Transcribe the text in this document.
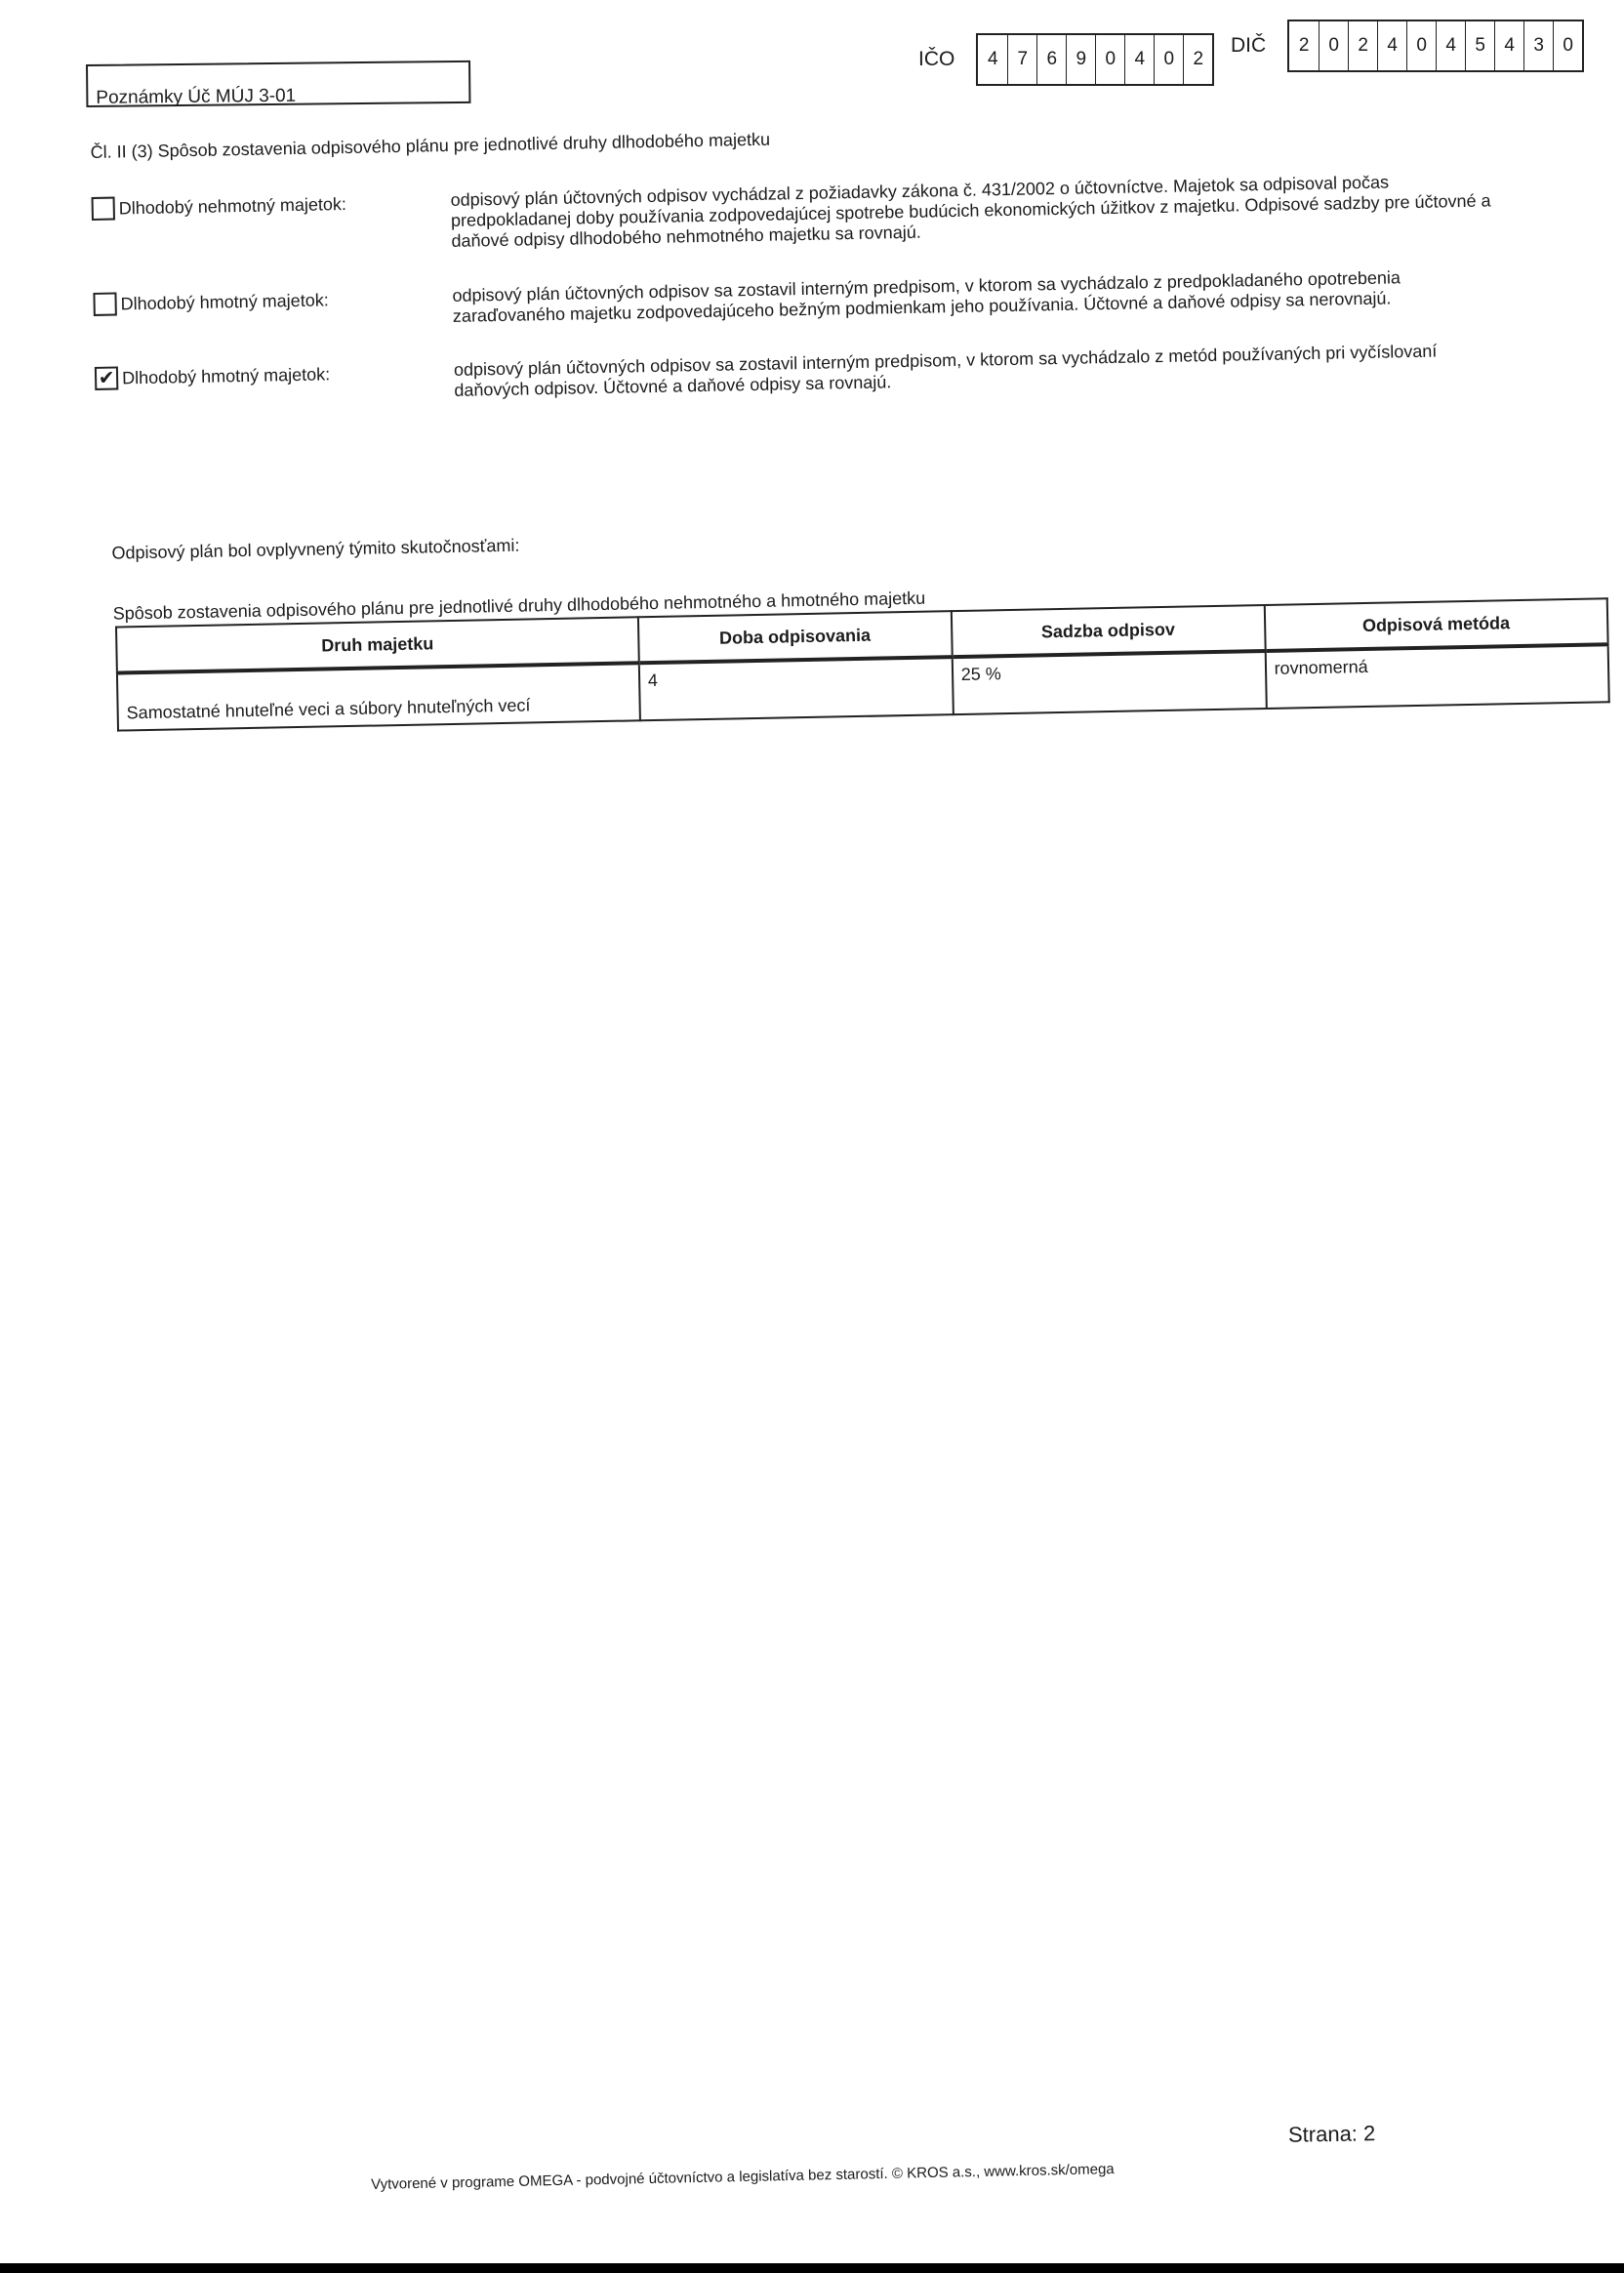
Poznámky Úč MÚJ 3-01
IČO	4	7	6	9	0	4	0	2
DIČ	2	0	2	4	0	4	5	4	3	0
Čl. II (3) Spôsob zostavenia odpisového plánu pre jednotlivé druhy dlhodobého majetku
Dlhodobý nehmotný majetok:	odpisový plán účtovných odpisov vychádzal z požiadavky zákona č. 431/2002 o účtovníctve. Majetok sa odpisoval počas predpokladanej doby používania zodpovedajúcej spotrebe budúcich ekonomických úžitkov z majetku. Odpisové sadzby pre účtovné a daňové odpisy dlhodobého nehmotného majetku sa rovnajú.
Dlhodobý hmotný majetok:	odpisový plán účtovných odpisov sa zostavil interným predpisom, v ktorom sa vychádzalo z predpokladaného opotrebenia zaraďovaného majetku zodpovedajúceho bežným podmienkam jeho používania. Účtovné a daňové odpisy sa nerovnajú.
✔ Dlhodobý hmotný majetok:	odpisový plán účtovných odpisov sa zostavil interným predpisom, v ktorom sa vychádzalo z metód používaných pri vyčíslovaní daňových odpisov. Účtovné a daňové odpisy sa rovnajú.
Odpisový plán bol ovplyvnený týmito skutočnosťami:
Spôsob zostavenia odpisového plánu pre jednotlivé druhy dlhodobého nehmotného a hmotného majetku
Druh majetku	Doba odpisovania	Sadzba odpisov	Odpisová metóda
Samostatné hnuteľné veci a súbory hnuteľných vecí	4	25 %	rovnomerná
Strana: 2
Vytvorené v programe OMEGA - podvojné účtovníctvo a legislatíva bez starostí. © KROS a.s., www.kros.sk/omega
